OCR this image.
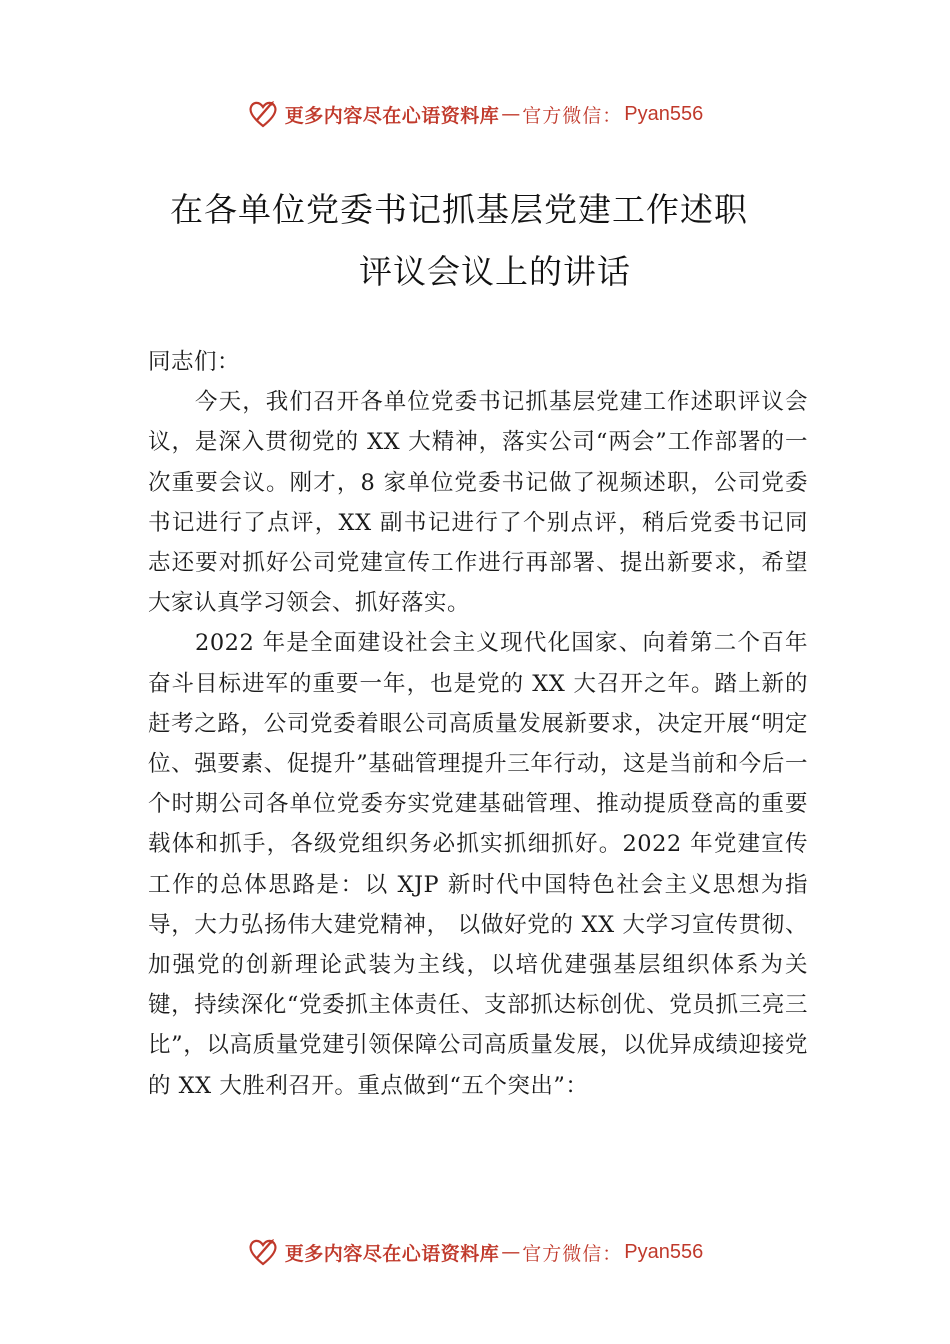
更多内容尽在心语资料库 — 官方微信： Pyan556
在各单位党委书记抓基层党建工作述职
评议会议上的讲话

同志们：

今天，我们召开各单位党委书记抓基层党建工作述职评议会议，是深入贯彻党的 XX 大精神，落实公司“两会”工作部署的一次重要会议。刚才，8 家单位党委书记做了视频述职，公司党委书记进行了点评，XX 副书记进行了个别点评，稍后党委书记同志还要对抓好公司党建宣传工作进行再部署、提出新要求，希望大家认真学习领会、抓好落实。

2022 年是全面建设社会主义现代化国家、向着第二个百年奋斗目标进军的重要一年，也是党的 XX 大召开之年。踏上新的赶考之路，公司党委着眼公司高质量发展新要求，决定开展“明定位、强要素、促提升”基础管理提升三年行动，这是当前和今后一个时期公司各单位党委夯实党建基础管理、推动提质登高的重要载体和抓手，各级党组织务必抓实抓细抓好。2022 年党建宣传工作的总体思路是：以 XJP 新时代中国特色社会主义思想为指导，大力弘扬伟大建党精神， 以做好党的 XX 大学习宣传贯彻、加强党的创新理论武装为主线，以培优建强基层组织体系为关键，持续深化“党委抓主体责任、支部抓达标创优、党员抓三亮三比”，以高质量党建引领保障公司高质量发展，以优异成绩迎接党的 XX 大胜利召开。重点做到“五个突出”：

更多内容尽在心语资料库 — 官方微信： Pyan556
